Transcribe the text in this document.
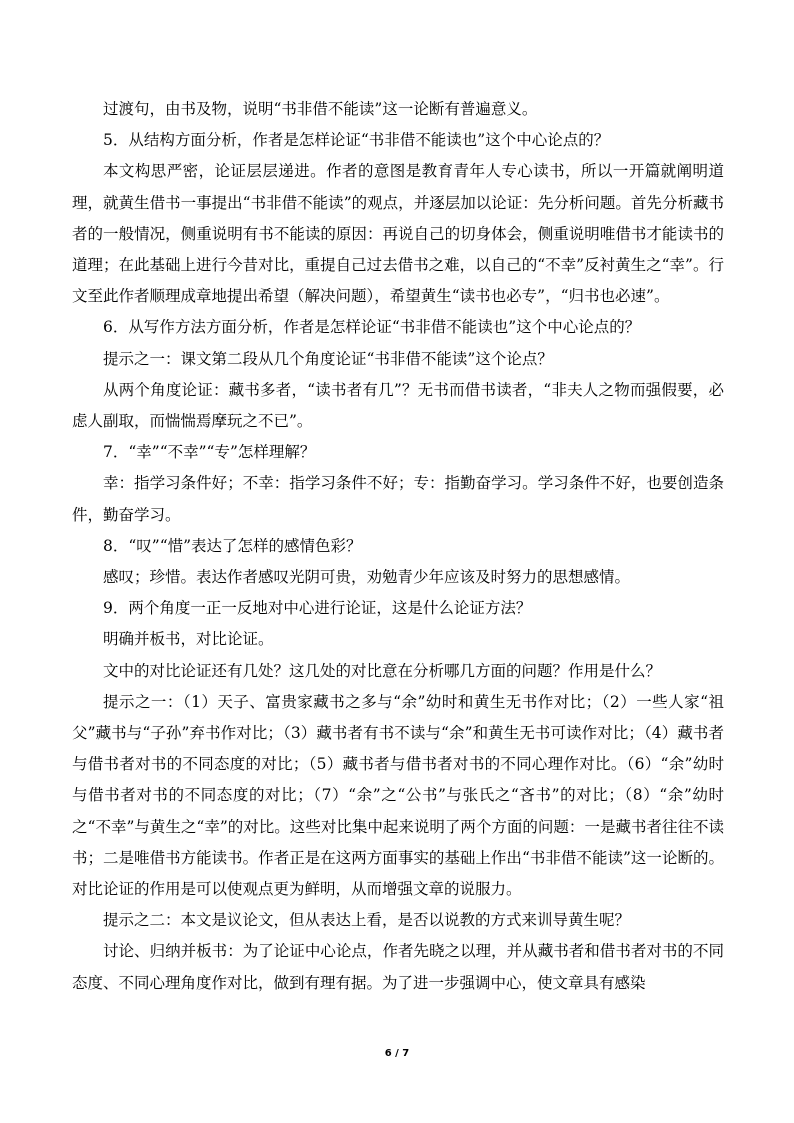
过渡句，由书及物，说明“书非借不能读”这一论断有普遍意义。

5．从结构方面分析，作者是怎样论证“书非借不能读也”这个中心论点的？

本文构思严密，论证层层递进。作者的意图是教育青年人专心读书，所以一开篇就阐明道理，就黄生借书一事提出“书非借不能读”的观点，并逐层加以论证：先分析问题。首先分析藏书者的一般情况，侧重说明有书不能读的原因：再说自己的切身体会，侧重说明唯借书才能读书的道理；在此基础上进行今昔对比，重提自己过去借书之难，以自己的“不幸”反衬黄生之“幸”。行文至此作者顺理成章地提出希望（解决问题），希望黄生“读书也必专”，“归书也必速”。

6．从写作方法方面分析，作者是怎样论证“书非借不能读也”这个中心论点的？

提示之一：课文第二段从几个角度论证“书非借不能读”这个论点？

从两个角度论证：藏书多者，“读书者有几”？无书而借书读者，“非夫人之物而强假要，必虑人副取，而惴惴焉摩玩之不已”。

7．“幸”“不幸”“专”怎样理解？

幸：指学习条件好；不幸：指学习条件不好；专：指勤奋学习。学习条件不好，也要创造条件，勤奋学习。

8．“叹”“惜”表达了怎样的感情色彩？

感叹；珍惜。表达作者感叹光阴可贵，劝勉青少年应该及时努力的思想感情。

9．两个角度一正一反地对中心进行论证，这是什么论证方法？

明确并板书，对比论证。

文中的对比论证还有几处？这几处的对比意在分析哪几方面的问题？作用是什么？

提示之一：（1）天子、富贵家藏书之多与“余”幼时和黄生无书作对比；（2）一些人家“祖父”藏书与“子孙”弃书作对比；（3）藏书者有书不读与“余”和黄生无书可读作对比；（4）藏书者与借书者对书的不同态度的对比；（5）藏书者与借书者对书的不同心理作对比。（6）“余”幼时与借书者对书的不同态度的对比；（7）“余”之“公书”与张氏之“吝书”的对比；（8）“余”幼时之“不幸”与黄生之“幸”的对比。这些对比集中起来说明了两个方面的问题：一是藏书者往往不读书；二是唯借书方能读书。作者正是在这两方面事实的基础上作出“书非借不能读”这一论断的。对比论证的作用是可以使观点更为鲜明，从而增强文章的说服力。

提示之二：本文是议论文，但从表达上看，是否以说教的方式来训导黄生呢？

讨论、归纳并板书：为了论证中心论点，作者先晓之以理，并从藏书者和借书者对书的不同态度、不同心理角度作对比，做到有理有据。为了进一步强调中心，使文章具有感染

6 / 7
